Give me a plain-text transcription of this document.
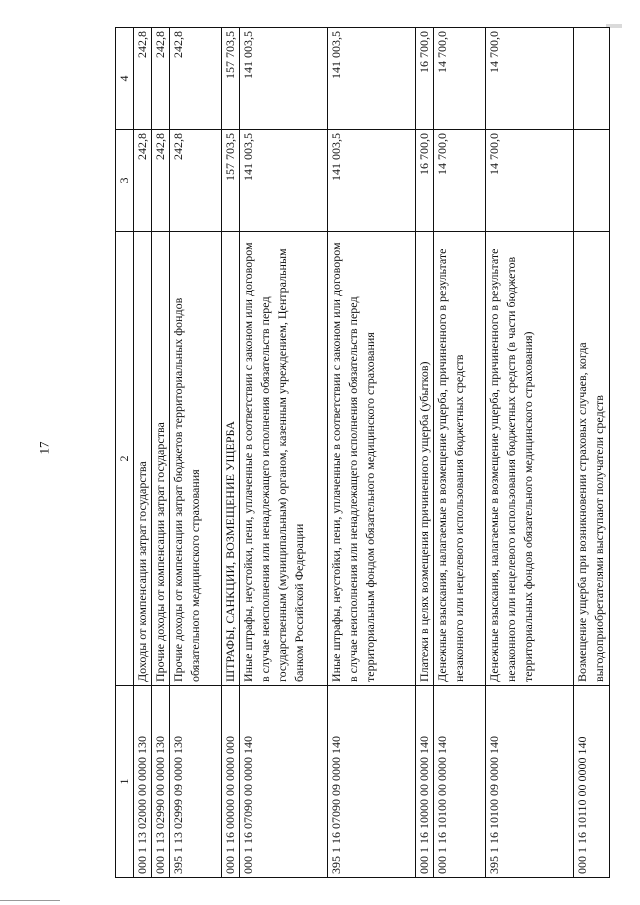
17
1	2	3	4
000 1 13 02000 00 0000 130	Доходы от компенсации затрат государства	242,8	242,8
000 1 13 02990 00 0000 130	Прочие доходы от компенсации затрат государства	242,8	242,8
395 1 13 02999 09 0000 130	Прочие доходы от компенсации затрат бюджетов территориальных фондов обязательного медицинского страхования	242,8	242,8
000 1 16 00000 00 0000 000	ШТРАФЫ, САНКЦИИ, ВОЗМЕЩЕНИЕ УЩЕРБА	157 703,5	157 703,5
000 1 16 07090 00 0000 140	Иные штрафы, неустойки, пени, уплаченные в соответствии с законом или договором в случае неисполнения или ненадлежащего исполнения обязательств перед государственным (муниципальным) органом, казенным учреждением, Центральным банком Российской Федерации	141 003,5	141 003,5
395 1 16 07090 09 0000 140	Иные штрафы, неустойки, пени, уплаченные в соответствии с законом или договором в случае неисполнения или ненадлежащего исполнения обязательств перед территориальным фондом обязательного медицинского страхования	141 003,5	141 003,5
000 1 16 10000 00 0000 140	Платежи в целях возмещения причиненного ущерба (убытков)	16 700,0	16 700,0
000 1 16 10100 00 0000 140	Денежные взыскания, налагаемые в возмещение ущерба, причиненного в результате незаконного или нецелевого использования бюджетных средств	14 700,0	14 700,0
395 1 16 10100 09 0000 140	Денежные взыскания, налагаемые в возмещение ущерба, причиненного в результате незаконного или нецелевого использования бюджетных средств (в части бюджетов территориальных фондов обязательного медицинского страхования)	14 700,0	14 700,0
000 1 16 10110 00 0000 140	Возмещение ущерба при возникновении страховых случаев, когда выгодоприобретателями выступают получатели средств		
